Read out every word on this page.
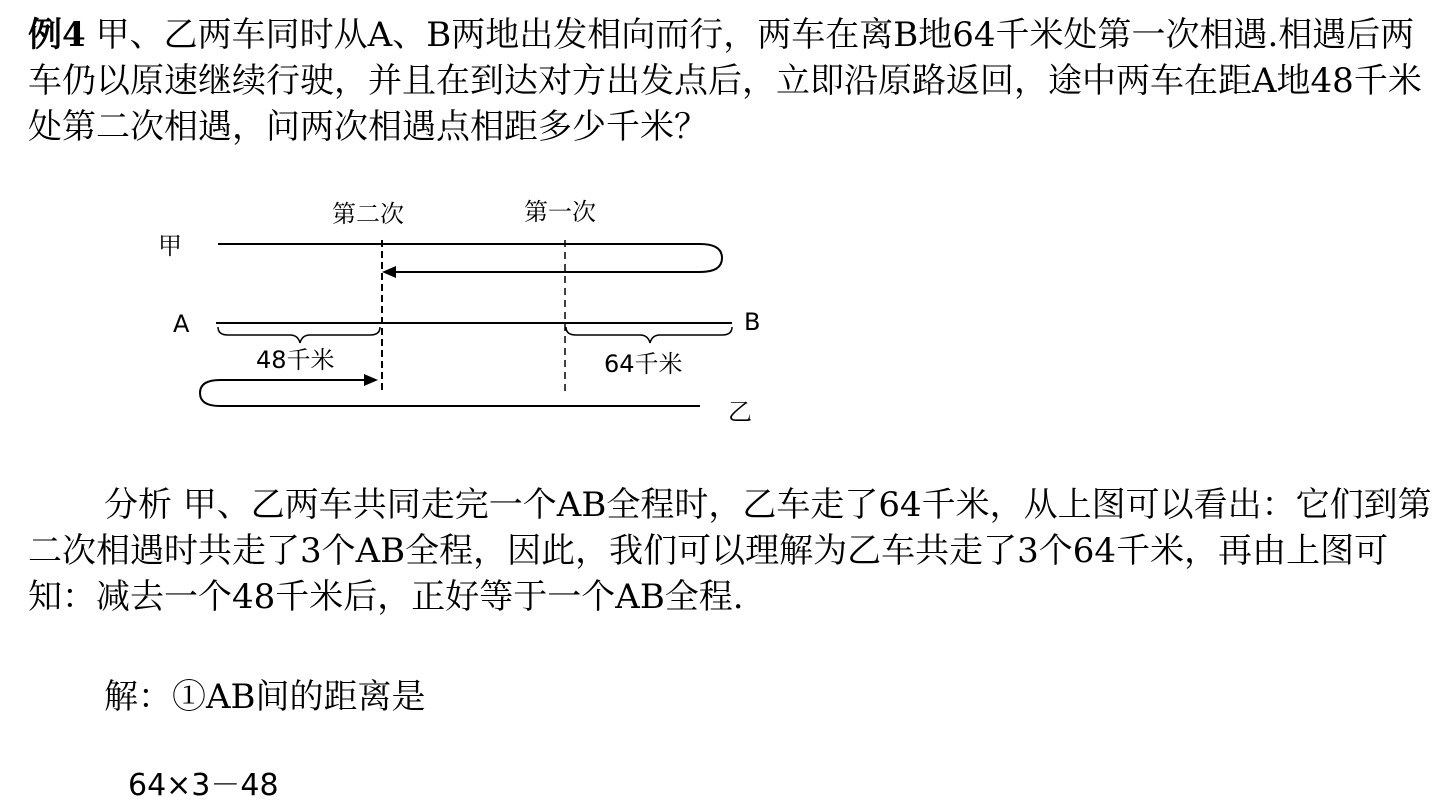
例4 甲、乙两车同时从A、B两地出发相向而行，两车在离B地64千米处第一次相遇.相遇后两车仍以原速继续行驶，并且在到达对方出发点后，立即沿原路返回，途中两车在距A地48千米处第二次相遇，问两次相遇点相距多少千米？

甲
乙
A	B
第二次	第一次
48千米	64千米

分析 甲、乙两车共同走完一个AB全程时，乙车走了64千米，从上图可以看出：它们到第二次相遇时共走了3个AB全程，因此，我们可以理解为乙车共走了3个64千米，再由上图可知：减去一个48千米后，正好等于一个AB全程.

解：①AB间的距离是

64×3－48
